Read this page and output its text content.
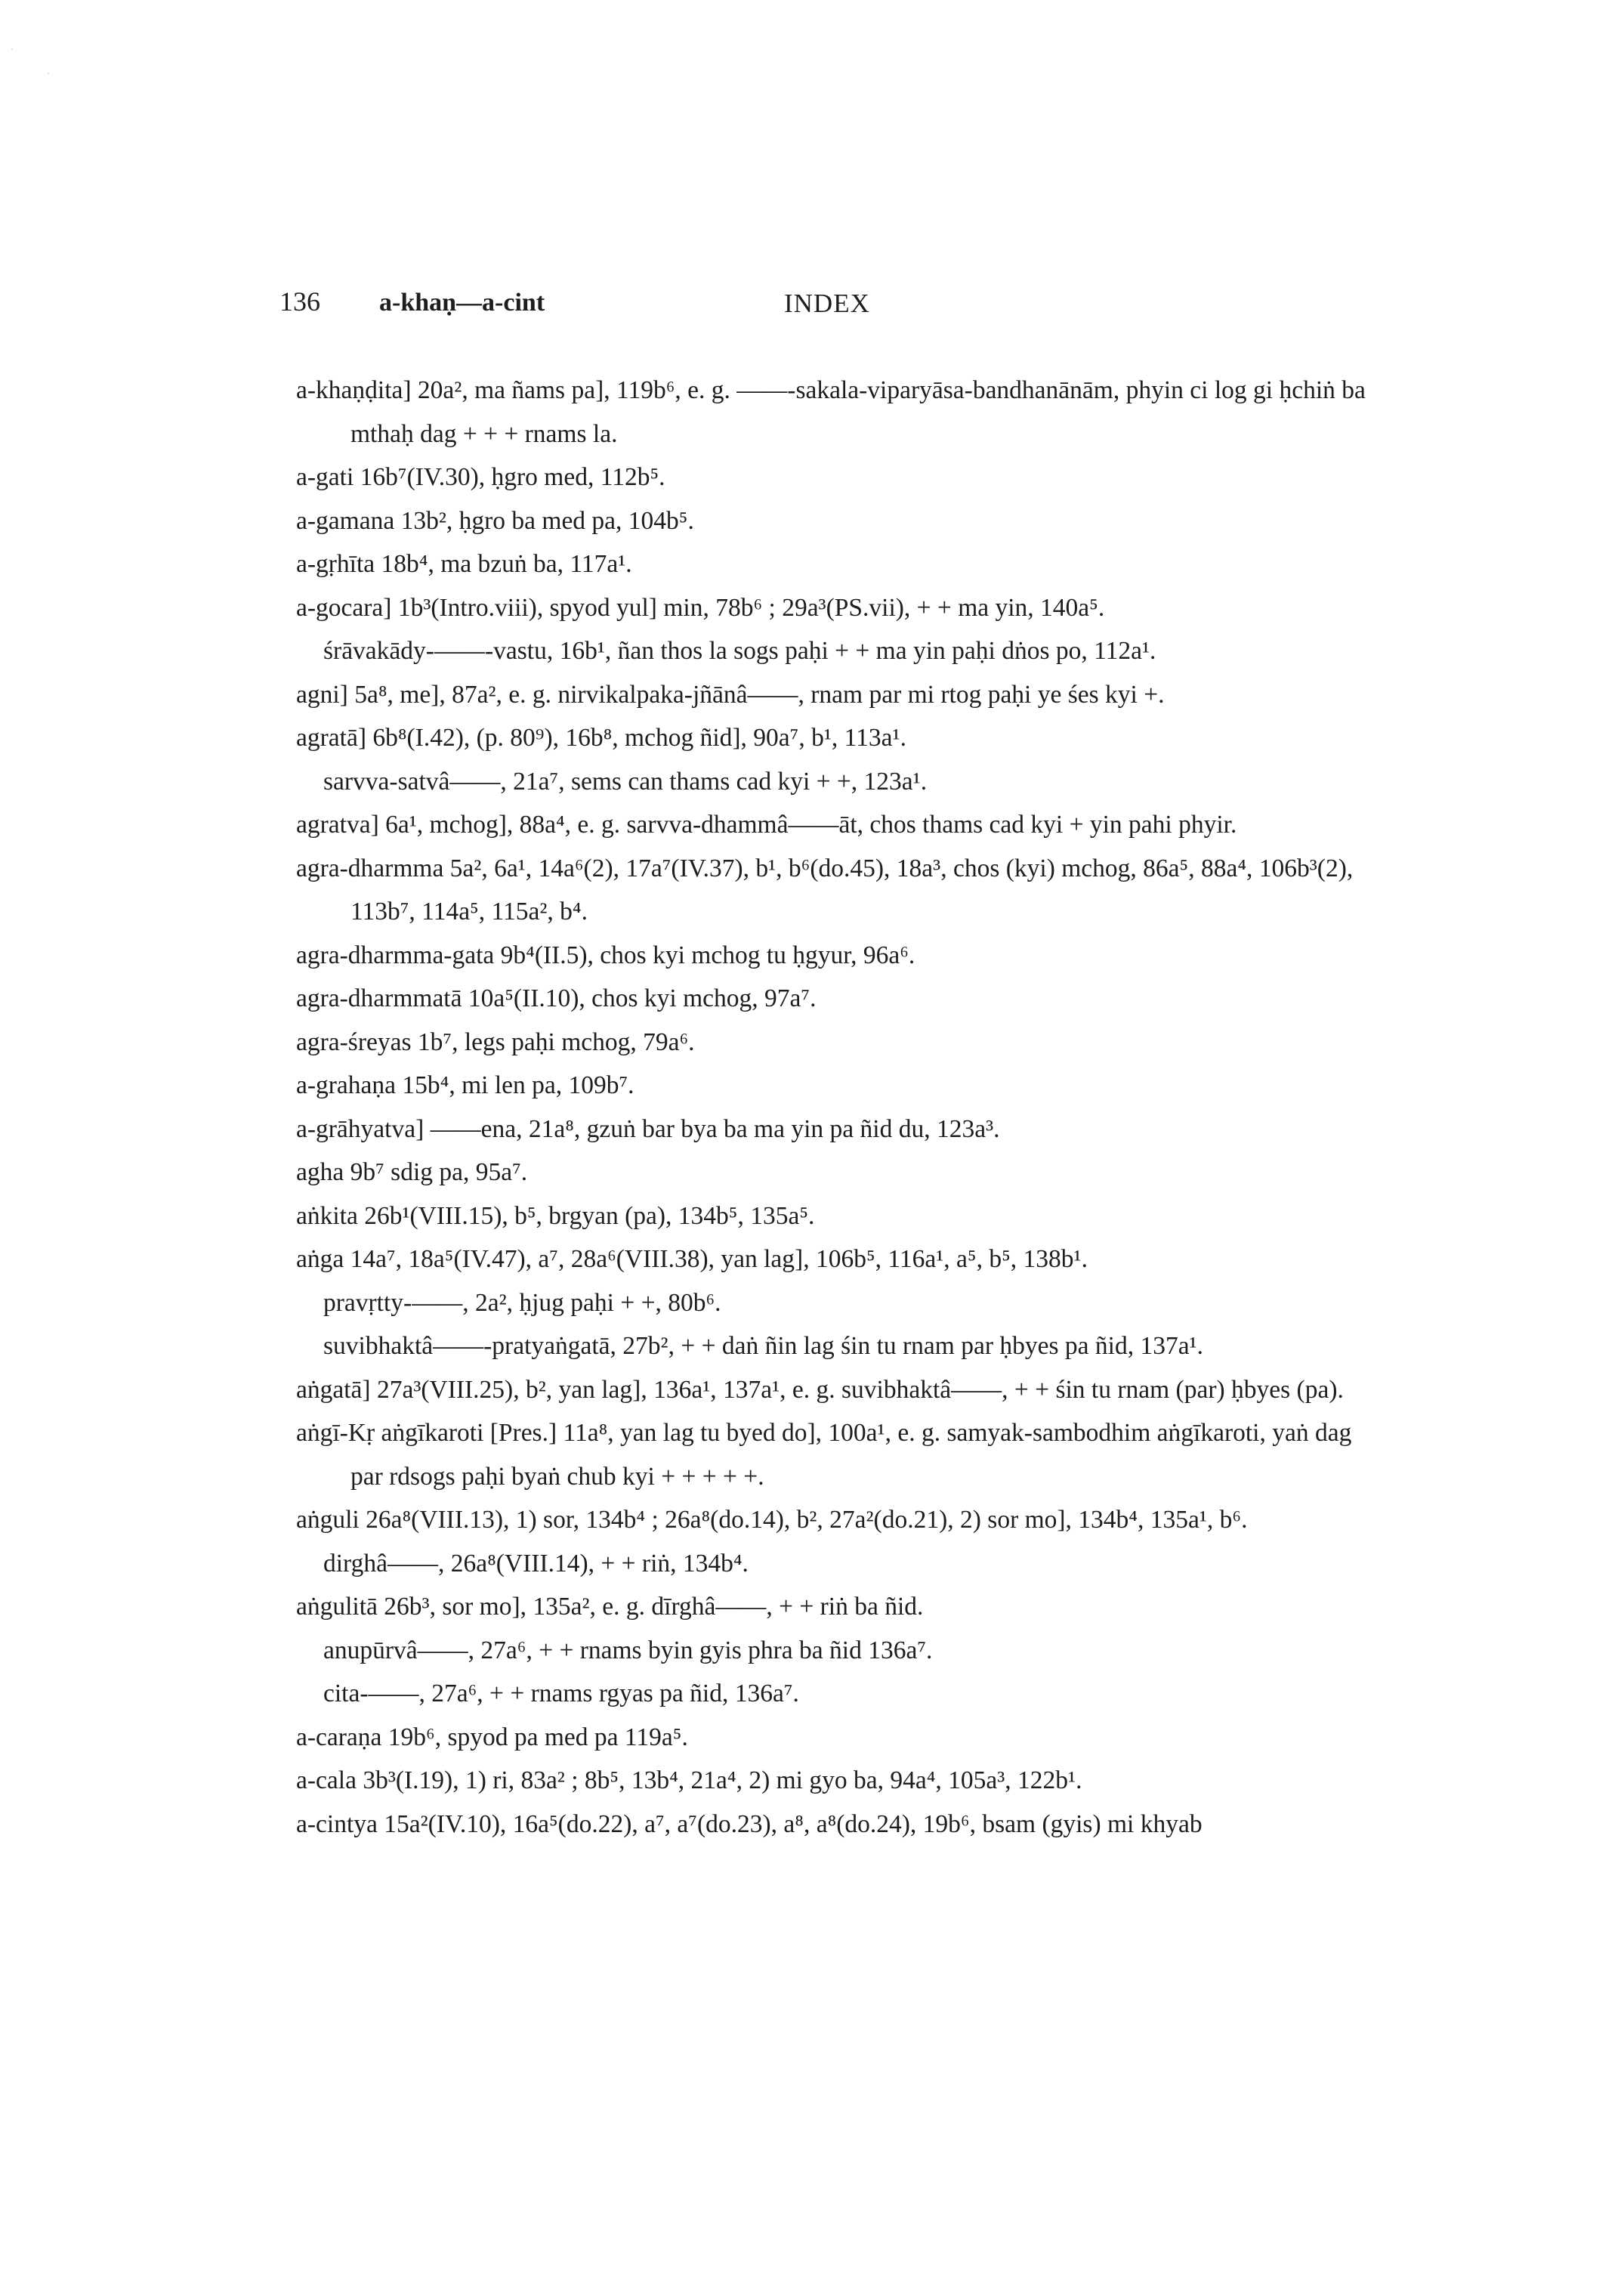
·
·
136 a-khaṇ—a-cint	INDEX

a-khaṇḍita] 20a², ma ñams pa], 119b⁶, e. g. ——-sakala-viparyāsa-bandhanānām, phyin ci log gi ḥchiṅ ba mthaḥ dag + + + rnams la.

a-gati 16b⁷(IV.30), ḥgro med, 112b⁵.

a-gamana 13b², ḥgro ba med pa, 104b⁵.

a-gṛhīta 18b⁴, ma bzuṅ ba, 117a¹.

a-gocara] 1b³(Intro.viii), spyod yul] min, 78b⁶ ; 29a³(PS.vii), + + ma yin, 140a⁵.

śrāvakādy-——-vastu, 16b¹, ñan thos la sogs paḥi + + ma yin paḥi dṅos po, 112a¹.

agni] 5a⁸, me], 87a², e. g. nirvikalpaka-jñānâ——, rnam par mi rtog paḥi ye śes kyi +.

agratā] 6b⁸(I.42), (p. 80⁹), 16b⁸, mchog ñid], 90a⁷, b¹, 113a¹.

sarvva-satvâ——, 21a⁷, sems can thams cad kyi + +, 123a¹.

agratva] 6a¹, mchog], 88a⁴, e. g. sarvva-dhammâ——āt, chos thams cad kyi + yin pahi phyir.

agra-dharmma 5a², 6a¹, 14a⁶(2), 17a⁷(IV.37), b¹, b⁶(do.45), 18a³, chos (kyi) mchog, 86a⁵, 88a⁴, 106b³(2), 113b⁷, 114a⁵, 115a², b⁴.

agra-dharmma-gata 9b⁴(II.5), chos kyi mchog tu ḥgyur, 96a⁶.

agra-dharmmatā 10a⁵(II.10), chos kyi mchog, 97a⁷.

agra-śreyas 1b⁷, legs paḥi mchog, 79a⁶.

a-grahaṇa 15b⁴, mi len pa, 109b⁷.

a-grāhyatva] ——ena, 21a⁸, gzuṅ bar bya ba ma yin pa ñid du, 123a³.

agha 9b⁷ sdig pa, 95a⁷.

aṅkita 26b¹(VIII.15), b⁵, brgyan (pa), 134b⁵, 135a⁵.

aṅga 14a⁷, 18a⁵(IV.47), a⁷, 28a⁶(VIII.38), yan lag], 106b⁵, 116a¹, a⁵, b⁵, 138b¹.

pravṛtty-——, 2a², ḥjug paḥi + +, 80b⁶.

suvibhaktâ——-pratyaṅgatā, 27b², + + daṅ ñin lag śin tu rnam par ḥbyes pa ñid, 137a¹.

aṅgatā] 27a³(VIII.25), b², yan lag], 136a¹, 137a¹, e. g. suvibhaktâ——, + + śin tu rnam (par) ḥbyes (pa).

aṅgī-Kṛ aṅgīkaroti [Pres.] 11a⁸, yan lag tu byed do], 100a¹, e. g. samyak-sambodhim aṅgīkaroti, yaṅ dag par rdsogs paḥi byaṅ chub kyi + + + + +.

aṅguli 26a⁸(VIII.13), 1) sor, 134b⁴ ; 26a⁸(do.14), b², 27a²(do.21), 2) sor mo], 134b⁴, 135a¹, b⁶.

dirghâ——, 26a⁸(VIII.14), + + riṅ, 134b⁴.

aṅgulitā 26b³, sor mo], 135a², e. g. dīrghâ——, + + riṅ ba ñid.

anupūrvâ——, 27a⁶, + + rnams byin gyis phra ba ñid 136a⁷.

cita-——, 27a⁶, + + rnams rgyas pa ñid, 136a⁷.

a-caraṇa 19b⁶, spyod pa med pa 119a⁵.

a-cala 3b³(I.19), 1) ri, 83a² ; 8b⁵, 13b⁴, 21a⁴, 2) mi gyo ba, 94a⁴, 105a³, 122b¹.

a-cintya 15a²(IV.10), 16a⁵(do.22), a⁷, a⁷(do.23), a⁸, a⁸(do.24), 19b⁶, bsam (gyis) mi khyab
